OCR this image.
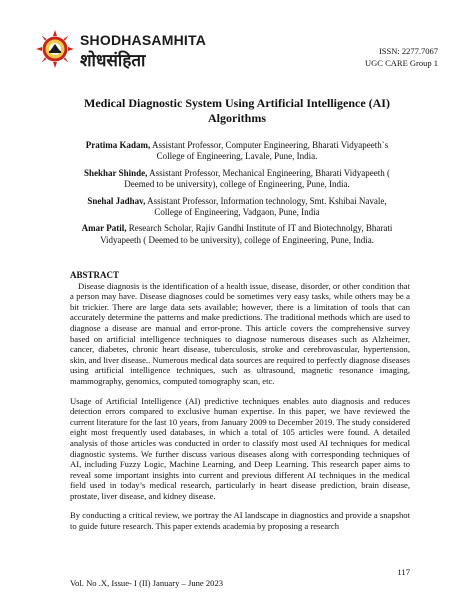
SHODHASAMHITA
शोधसंहिता	ISSN: 2277.7067
UGC CARE Group 1
Medical Diagnostic System Using Artificial Intelligence (AI)
Algorithms
Pratima Kadam, Assistant Professor, Computer Engineering, Bharati Vidyapeeth`s
College of Engineering, Lavale, Pune, India.
Shekhar Shinde, Assistant Professor, Mechanical Engineering, Bharati Vidyapeeth (
Deemed to be university), college of Engineering, Pune, India.
Snehal Jadhav, Assistant Professor, Information technology, Smt. Kshibai Navale,
College of Engineering, Vadgaon, Pune, India
Amar Patil, Research Scholar, Rajiv Gandhi Institute of IT and Biotechnolgy, Bharati
Vidyapeeth ( Deemed to be university), college of Engineering, Pune, India.
ABSTRACT

Disease diagnosis is the identification of a health issue, disease, disorder, or other condition that a person may have. Disease diagnoses could be sometimes very easy tasks, while others may be a bit trickier. There are large data sets available; however, there is a limitation of tools that can accurately determine the patterns and make predictions. The traditional methods which are used to diagnose a disease are manual and error-prone. This article covers the comprehensive survey based on artificial intelligence techniques to diagnose numerous diseases such as Alzheimer, cancer, diabetes, chronic heart disease, tuberculosis, stroke and cerebrovascular, hypertension, skin, and liver disease.. Numerous medical data sources are required to perfectly diagnose diseases using artificial intelligence techniques, such as ultrasound, magnetic resonance imaging, mammography, genomics, computed tomography scan, etc.

Usage of Artificial Intelligence (AI) predictive techniques enables auto diagnosis and reduces detection errors compared to exclusive human expertise. In this paper, we have reviewed the current literature for the last 10 years, from January 2009 to December 2019. The study considered eight most frequently used databases, in which a total of 105 articles were found. A detailed analysis of those articles was conducted in order to classify most used AI techniques for medical diagnostic systems. We further discuss various diseases along with corresponding techniques of AI, including Fuzzy Logic, Machine Learning, and Deep Learning. This research paper aims to reveal some important insights into current and previous different AI techniques in the medical field used in today’s medical research, particularly in heart disease prediction, brain disease, prostate, liver disease, and kidney disease.

By conducting a critical review, we portray the AI landscape in diagnostics and provide a snapshot to guide future research. This paper extends academia by proposing a research

117
Vol. No .X, Issue- I (II) January – June 2023
